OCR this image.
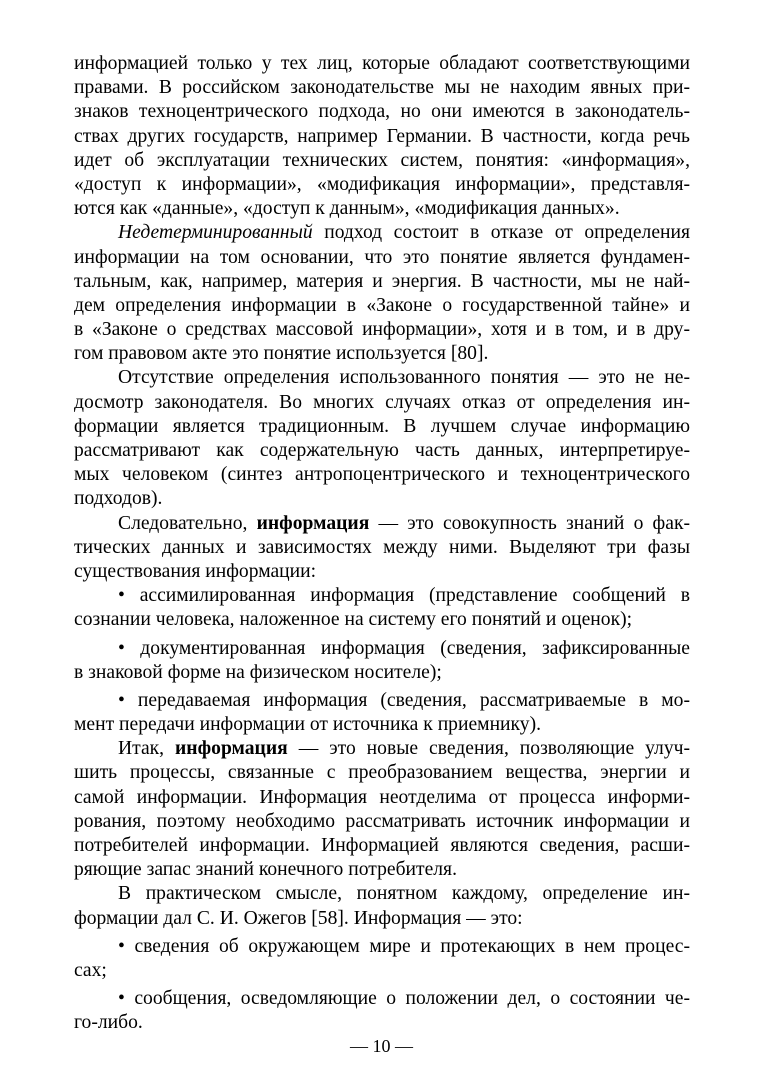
информацией только у тех лиц, которые обладают соответствующими
правами. В российском законодательстве мы не находим явных при-
знаков техноцентрического подхода, но они имеются в законодатель-
ствах других государств, например Германии. В частности, когда речь
идет об эксплуатации технических систем, понятия: «информация»,
«доступ к информации», «модификация информации», представля-
ются как «данные», «доступ к данным», «модификация данных».
Недетерминированный подход состоит в отказе от определения
информации на том основании, что это понятие является фундамен-
тальным, как, например, материя и энергия. В частности, мы не най-
дем определения информации в «Законе о государственной тайне» и
в «Законе о средствах массовой информации», хотя и в том, и в дру-
гом правовом акте это понятие используется [80].
Отсутствие определения использованного понятия — это не не-
досмотр законодателя. Во многих случаях отказ от определения ин-
формации является традиционным. В лучшем случае информацию
рассматривают как содержательную часть данных, интерпретируе-
мых человеком (синтез антропоцентрического и техноцентрического
подходов).
Следовательно, информация — это совокупность знаний о фак-
тических данных и зависимостях между ними. Выделяют три фазы
существования информации:
• ассимилированная информация (представление сообщений в
сознании человека, наложенное на систему его понятий и оценок);
• документированная информация (сведения, зафиксированные
в знаковой форме на физическом носителе);
• передаваемая информация (сведения, рассматриваемые в мо-
мент передачи информации от источника к приемнику).
Итак, информация — это новые сведения, позволяющие улуч-
шить процессы, связанные с преобразованием вещества, энергии и
самой информации. Информация неотделима от процесса информи-
рования, поэтому необходимо рассматривать источник информации и
потребителей информации. Информацией являются сведения, расши-
ряющие запас знаний конечного потребителя.
В практическом смысле, понятном каждому, определение ин-
формации дал С. И. Ожегов [58]. Информация — это:
• сведения об окружающем мире и протекающих в нем процес-
сах;
• сообщения, осведомляющие о положении дел, о состоянии че-
го-либо.
— 10 —
